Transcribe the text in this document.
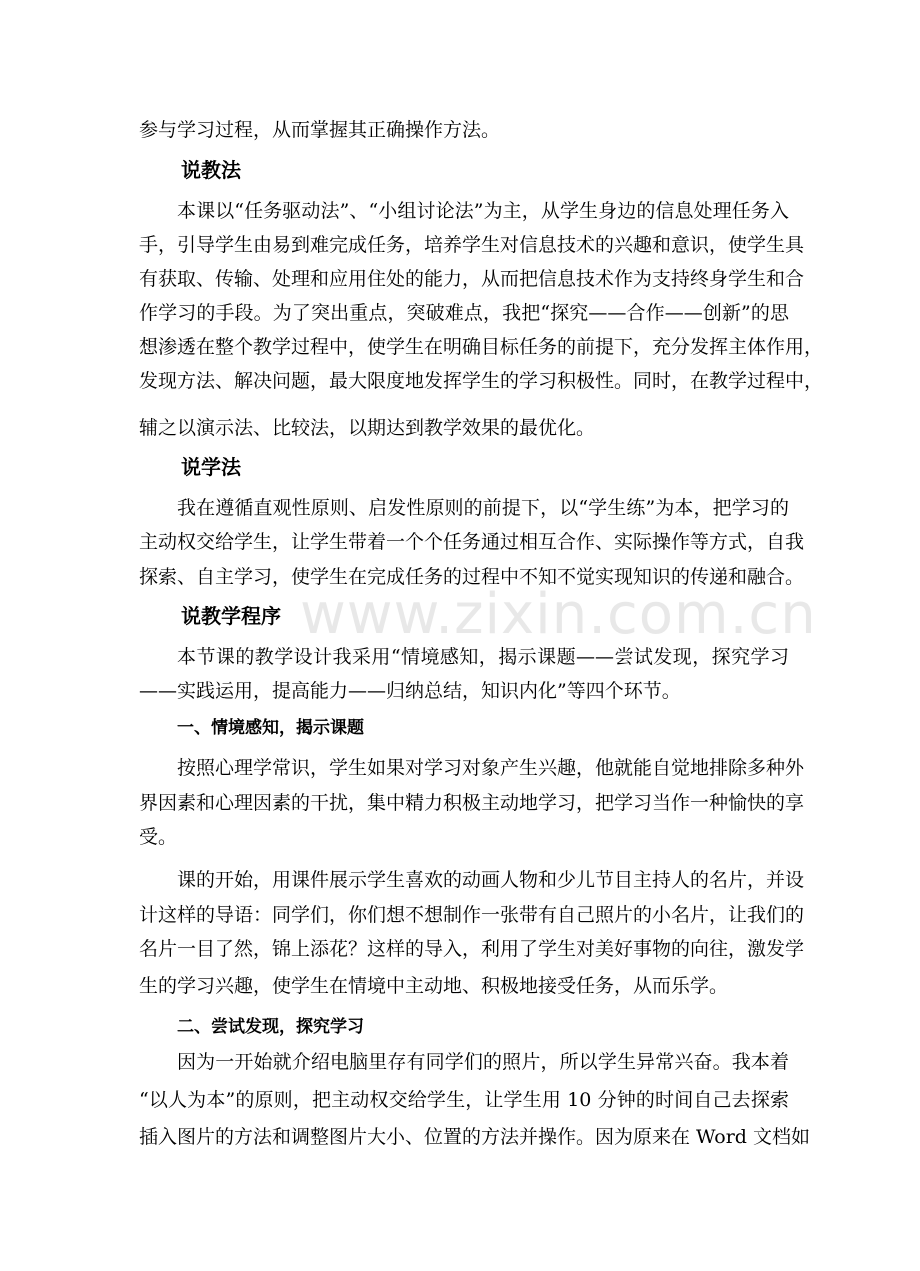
www.zixin.com.cn
参与学习过程，从而掌握其正确操作方法。
说教法
本课以“任务驱动法”、“小组讨论法”为主，从学生身边的信息处理任务入
手，引导学生由易到难完成任务，培养学生对信息技术的兴趣和意识，使学生具
有获取、传输、处理和应用住处的能力，从而把信息技术作为支持终身学生和合
作学习的手段。为了突出重点，突破难点，我把“探究——合作——创新”的思
想渗透在整个教学过程中，使学生在明确目标任务的前提下，充分发挥主体作用，
发现方法、解决问题，最大限度地发挥学生的学习积极性。同时，在教学过程中，
辅之以演示法、比较法，以期达到教学效果的最优化。
说学法
我在遵循直观性原则、启发性原则的前提下，以“学生练”为本，把学习的
主动权交给学生，让学生带着一个个任务通过相互合作、实际操作等方式，自我
探索、自主学习，使学生在完成任务的过程中不知不觉实现知识的传递和融合。
说教学程序
本节课的教学设计我采用“情境感知，揭示课题——尝试发现，探究学习
——实践运用，提高能力——归纳总结，知识内化”等四个环节。
一、情境感知，揭示课题
按照心理学常识，学生如果对学习对象产生兴趣，他就能自觉地排除多种外
界因素和心理因素的干扰，集中精力积极主动地学习，把学习当作一种愉快的享
受。
课的开始，用课件展示学生喜欢的动画人物和少儿节目主持人的名片，并设
计这样的导语：同学们，你们想不想制作一张带有自己照片的小名片，让我们的
名片一目了然，锦上添花？这样的导入，利用了学生对美好事物的向往，激发学
生的学习兴趣，使学生在情境中主动地、积极地接受任务，从而乐学。
二、尝试发现，探究学习
因为一开始就介绍电脑里存有同学们的照片，所以学生异常兴奋。我本着
“以人为本”的原则，把主动权交给学生，让学生用 10 分钟的时间自己去探索
插入图片的方法和调整图片大小、位置的方法并操作。因为原来在 Word 文档如
